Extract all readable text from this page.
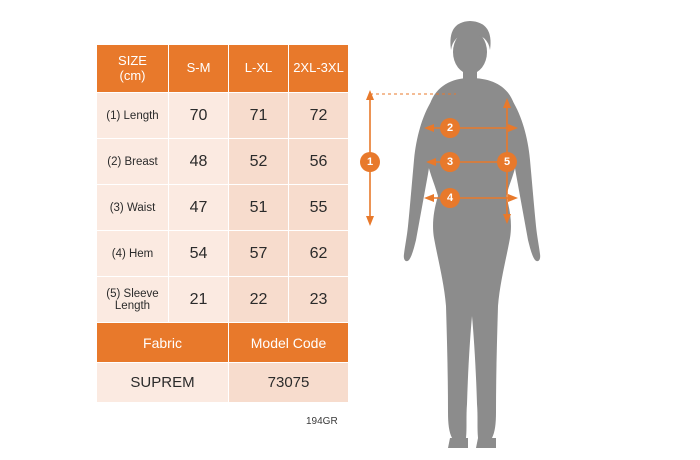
SIZE
(cm)	S-M	L-XL	2XL-3XL
(1) Length	70	71	72
(2) Breast	48	52	56
(3) Waist	47	51	55
(4) Hem	54	57	62

(5) Sleeve
Length	21	22	23
Fabric		Model Code	
SUPREM		73075	
194GR
1
2
3
4
5
